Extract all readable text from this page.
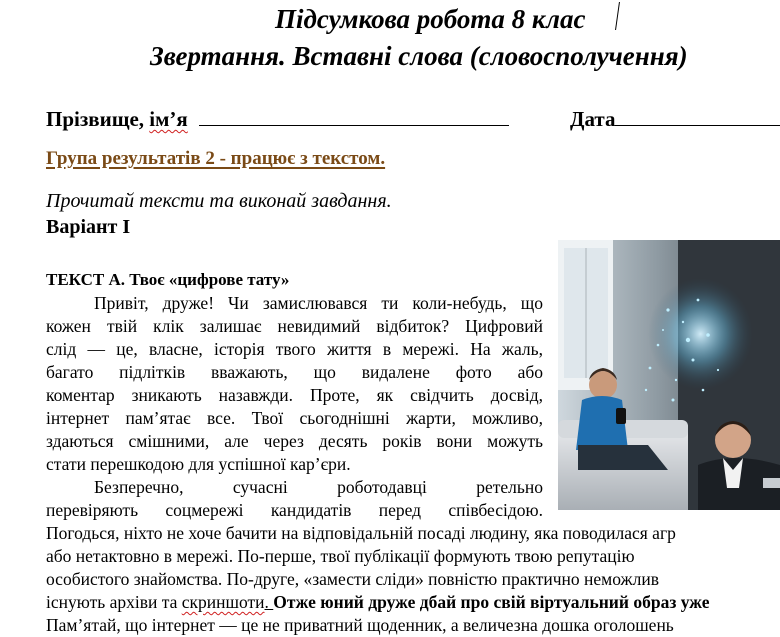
Підсумкова робота 8 клас
Звертання. Вставні слова (словосполучення)
Прізвище, ім’я	Дата
Група результатів 2 - працює з текстом.
Прочитай тексти та виконай завдання.
Варіант І
ТЕКСТ А. Твоє «цифрове тату»
Привіт, друже! Чи замислювався ти коли-небудь, що
кожен твій клік залишає невидимий відбиток? Цифровий
слід — це, власне, історія твого життя в мережі. На жаль,
багато підлітків вважають, що видалене фото або
коментар зникають назавжди. Проте, як свідчить досвід,
інтернет пам’ятає все. Твої сьогоднішні жарти, можливо,
здаються смішними, але через десять років вони можуть
стати перешкодою для успішної кар’єри.
Безперечно,      сучасні      роботодавці      ретельно
перевіряють соцмережі кандидатів перед співбесідою.
Погодься, ніхто не хоче бачити на відповідальній посаді людину, яка поводилася агр
або нетактовно в мережі. По-перше, твої публікації формують твою репутацію
особистого знайомства. По-друге, «замести сліди» повністю практично неможлив
існують архіви та скриншоти. Отже юний друже дбай про свій віртуальний образ уже
Пам’ятай, що інтернет — це не приватний щоденник, а величезна дошка оголошень
